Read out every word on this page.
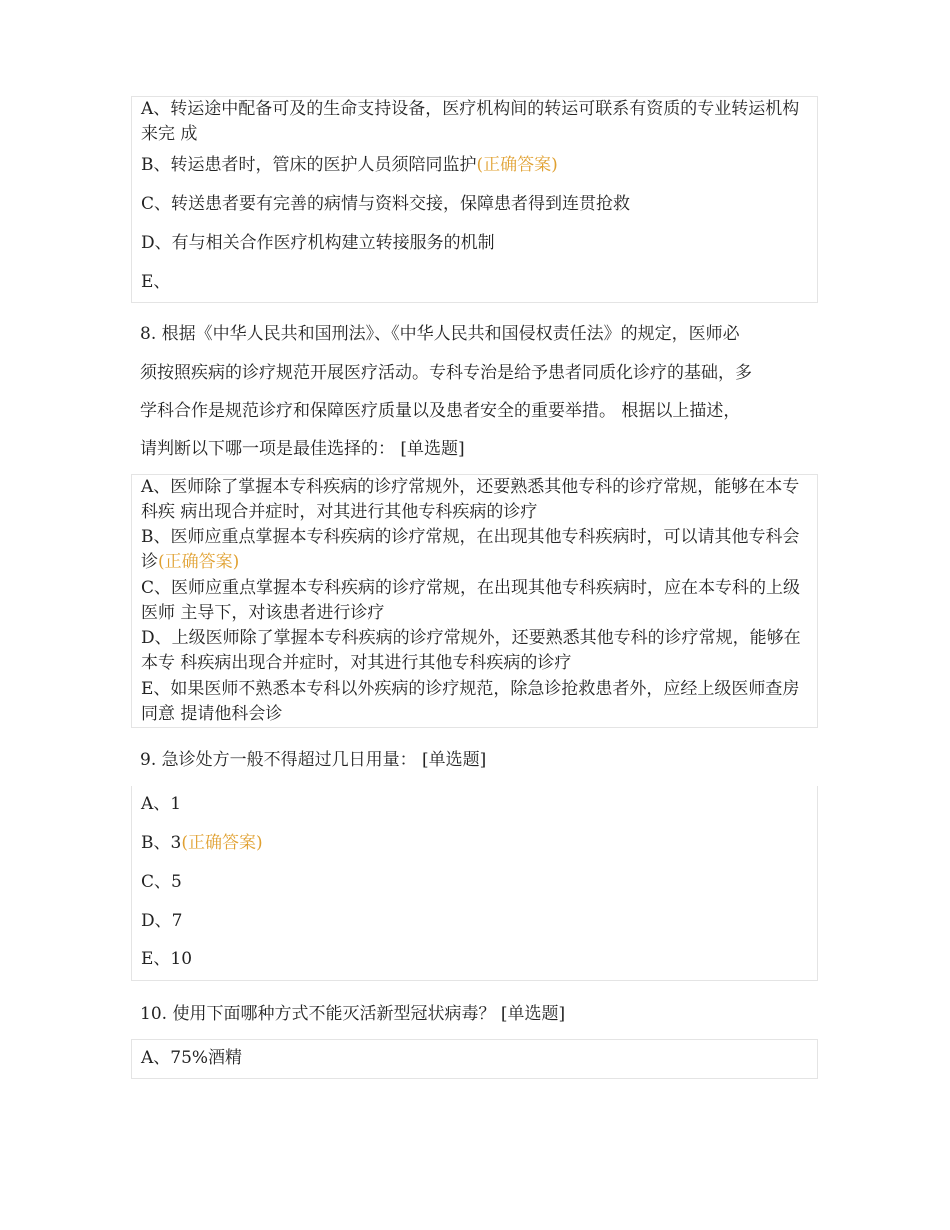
A、转运途中配备可及的生命支持设备，医疗机构间的转运可联系有资质的专业转运机构来完 成
B、转运患者时，管床的医护人员须陪同监护(正确答案)
C、转送患者要有完善的病情与资料交接，保障患者得到连贯抢救
D、有与相关合作医疗机构建立转接服务的机制
E、
8. 根据《中华人民共和国刑法》、《中华人民共和国侵权责任法》的规定，医师必
须按照疾病的诊疗规范开展医疗活动。专科专治是给予患者同质化诊疗的基础，多
学科合作是规范诊疗和保障医疗质量以及患者安全的重要举措。 根据以上描述，
请判断以下哪一项是最佳选择的： [单选题]
A、医师除了掌握本专科疾病的诊疗常规外，还要熟悉其他专科的诊疗常规，能够在本专科疾 病出现合并症时，对其进行其他专科疾病的诊疗
B、医师应重点掌握本专科疾病的诊疗常规，在出现其他专科疾病时，可以请其他专科会诊(正确答案)
C、医师应重点掌握本专科疾病的诊疗常规，在出现其他专科疾病时，应在本专科的上级医师 主导下，对该患者进行诊疗
D、上级医师除了掌握本专科疾病的诊疗常规外，还要熟悉其他专科的诊疗常规，能够在本专 科疾病出现合并症时，对其进行其他专科疾病的诊疗
E、如果医师不熟悉本专科以外疾病的诊疗规范，除急诊抢救患者外，应经上级医师查房同意 提请他科会诊
9. 急诊处方一般不得超过几日用量： [单选题]
A、1
B、3(正确答案)
C、5
D、7
E、10
10. 使用下面哪种方式不能灭活新型冠状病毒？ [单选题]
A、75%酒精
